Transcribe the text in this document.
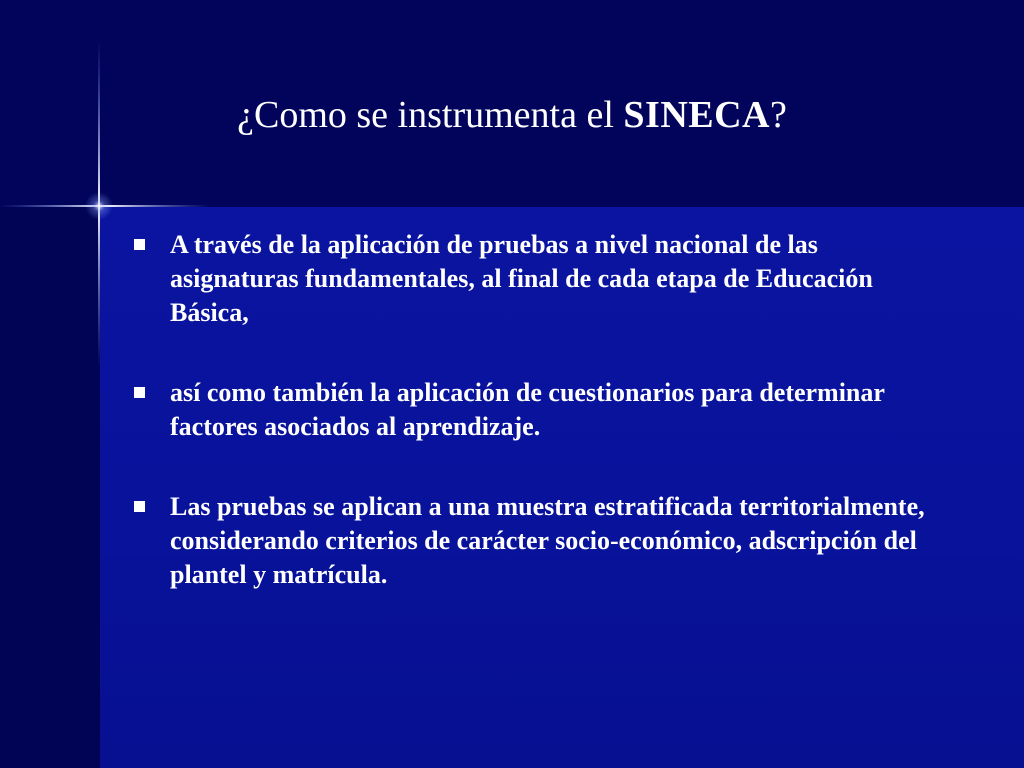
¿Como se instrumenta el SINECA?
A través de la aplicación de pruebas a nivel nacional de las asignaturas fundamentales, al final de cada etapa de Educación Básica,
así como también la aplicación de cuestionarios para determinar factores asociados al aprendizaje.
Las pruebas se aplican a una muestra estratificada territorialmente, considerando criterios de carácter socio-económico, adscripción del plantel y matrícula.
